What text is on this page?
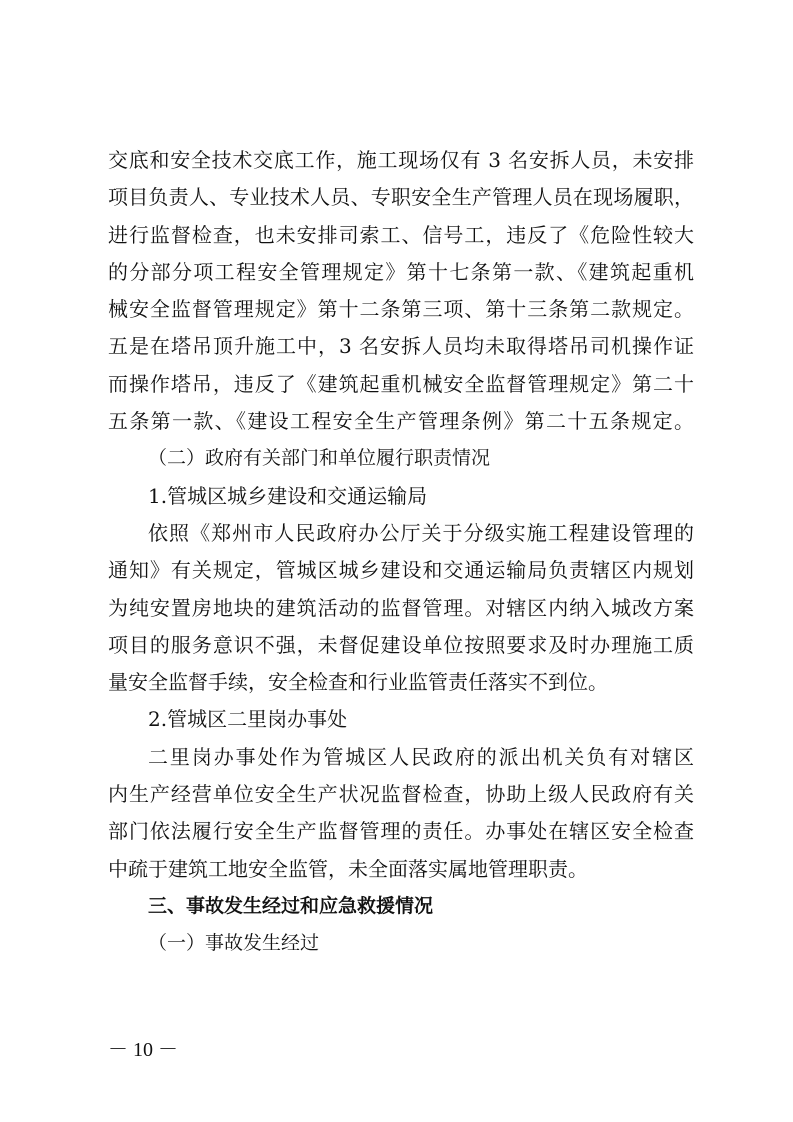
交底和安全技术交底工作，施工现场仅有 3 名安拆人员，未安排
项目负责人、专业技术人员、专职安全生产管理人员在现场履职，
进行监督检查，也未安排司索工、信号工，违反了《危险性较大
的分部分项工程安全管理规定》第十七条第一款、《建筑起重机
械安全监督管理规定》第十二条第三项、第十三条第二款规定。
五是在塔吊顶升施工中，3 名安拆人员均未取得塔吊司机操作证
而操作塔吊，违反了《建筑起重机械安全监督管理规定》第二十
五条第一款、《建设工程安全生产管理条例》第二十五条规定。
（二）政府有关部门和单位履行职责情况
1.管城区城乡建设和交通运输局
依照《郑州市人民政府办公厅关于分级实施工程建设管理的
通知》有关规定，管城区城乡建设和交通运输局负责辖区内规划
为纯安置房地块的建筑活动的监督管理。对辖区内纳入城改方案
项目的服务意识不强，未督促建设单位按照要求及时办理施工质
量安全监督手续，安全检查和行业监管责任落实不到位。
2.管城区二里岗办事处
二里岗办事处作为管城区人民政府的派出机关负有对辖区
内生产经营单位安全生产状况监督检查，协助上级人民政府有关
部门依法履行安全生产监督管理的责任。办事处在辖区安全检查
中疏于建筑工地安全监管，未全面落实属地管理职责。
三、事故发生经过和应急救援情况
（一）事故发生经过
－ 10 －
